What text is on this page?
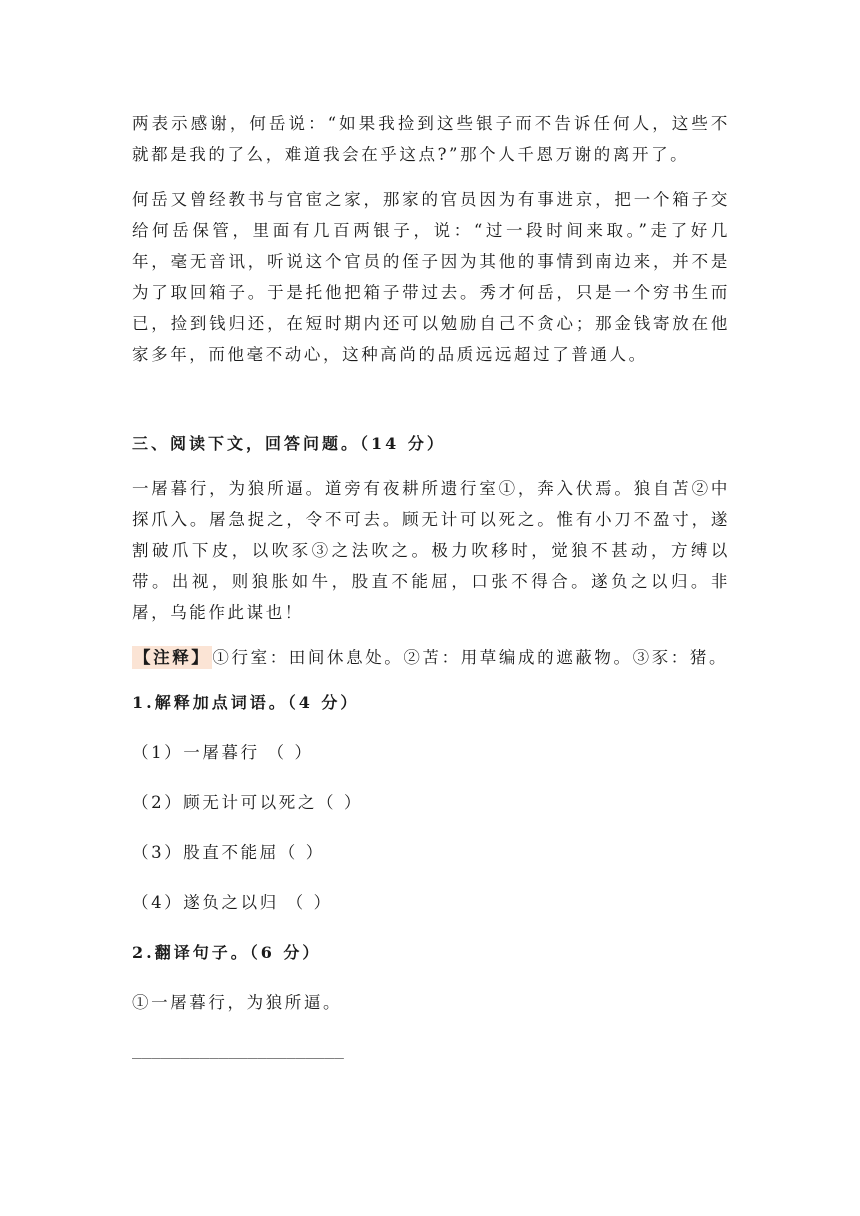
两表示感谢，何岳说：“如果我捡到这些银子而不告诉任何人，这些不就都是我的了么，难道我会在乎这点?”那个人千恩万谢的离开了。

何岳又曾经教书与官宦之家，那家的官员因为有事进京，把一个箱子交给何岳保管，里面有几百两银子，说：“过一段时间来取。”走了好几年，毫无音讯，听说这个官员的侄子因为其他的事情到南边来，并不是为了取回箱子。于是托他把箱子带过去。秀才何岳，只是一个穷书生而已，捡到钱归还，在短时期内还可以勉励自己不贪心；那金钱寄放在他家多年，而他毫不动心，这种高尚的品质远远超过了普通人。

三、阅读下文，回答问题。（14 分）

一屠暮行，为狼所逼。道旁有夜耕所遗行室①，奔入伏焉。狼自苫②中探爪入。屠急捉之，令不可去。顾无计可以死之。惟有小刀不盈寸，遂割破爪下皮，以吹豕③之法吹之。极力吹移时，觉狼不甚动，方缚以带。出视，则狼胀如牛，股直不能屈，口张不得合。遂负之以归。非屠，乌能作此谋也！

【注释】 ①行室：田间休息处。②苫：用草编成的遮蔽物。③豕：猪。

1.解释加点词语。（4 分）

（1）一屠暮行 （ ）

（2）顾无计可以死之（ ）

（3）股直不能屈（ ）

（4）遂负之以归 （ ）

2.翻译句子。（6 分）

①一屠暮行，为狼所逼。

______________________
